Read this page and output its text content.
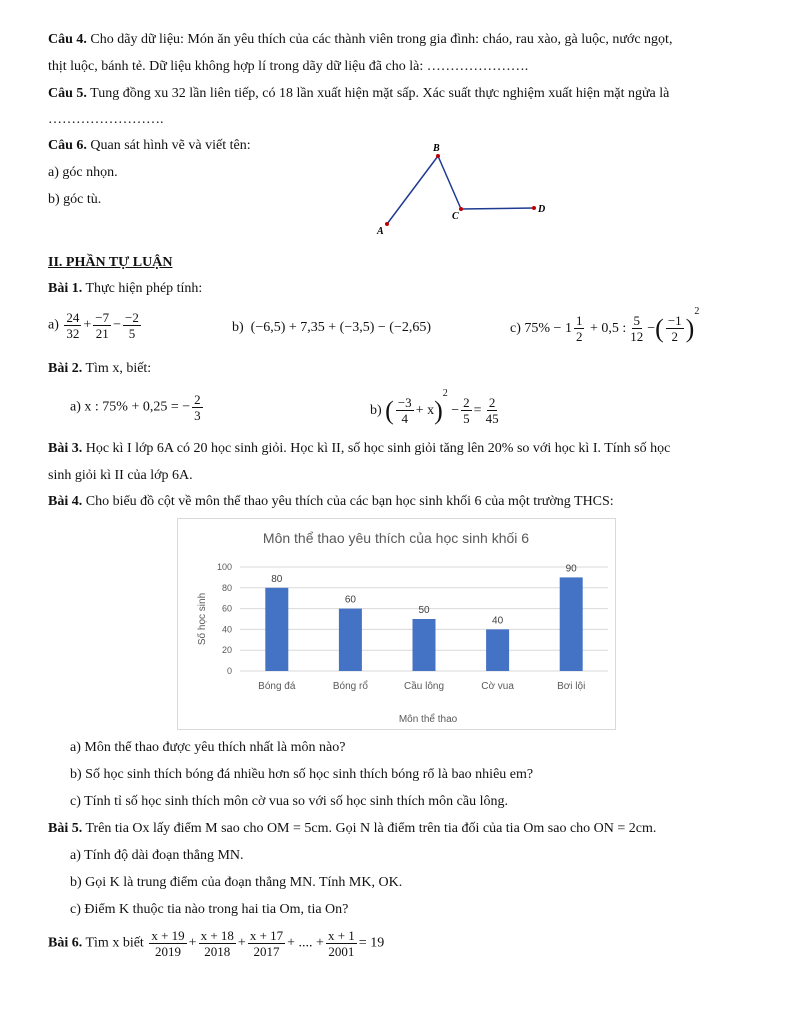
Câu 4. Cho dãy dữ liệu: Món ăn yêu thích của các thành viên trong gia đình: cháo, rau xào, gà luộc, nước ngọt,
thịt luộc, bánh tẻ. Dữ liệu không hợp lí trong dãy dữ liệu đã cho là: ………………….
Câu 5. Tung đồng xu 32 lần liên tiếp, có 18 lần xuất hiện mặt sấp. Xác suất thực nghiệm xuất hiện mặt ngửa là
…………………….
Câu 6. Quan sát hình vẽ và viết tên:
a) góc nhọn.
b) góc tù.
A
B
C
D
II. PHẦN TỰ LUẬN
Bài 1. Thực hiện phép tính:
$a) \frac{24}{32} + \frac{-7}{21} - \frac{-2}{5}$	b) (−6,5) + 7,35 + (−3,5) − (−2,65)	c) $75\% - 1 \frac{1}{2} + 0,5$ : $\frac{5}{12}$ −( $\frac{-1}{2} )^2$
Bài 2. Tìm x, biết:
a) x : 75% + 0,25 = − $\frac{2}{3}$	b) ( $\frac{-3}{4} + x)^2 - \frac{2}{5} = \frac{2}{45}$
Bài 3. Học kì I lớp 6A có 20 học sinh giỏi. Học kì II, số học sinh giỏi tăng lên 20% so với học kì I. Tính số học
sinh giỏi kì II của lớp 6A.
Bài 4. Cho biểu đồ cột về môn thể thao yêu thích của các bạn học sinh khối 6 của một trường THCS:
Môn thể thao yêu thích của học sinh khối 6
Số học sinh
Môn thể thao
0
20
40
60
80
100
80
Bóng đá
60
Bóng rổ
50
Cầu lông
40
Cờ vua
90
Bơi lội
a) Môn thể thao được yêu thích nhất là môn nào?
b) Số học sinh thích bóng đá nhiều hơn số học sinh thích bóng rổ là bao nhiêu em?
c) Tính tỉ số học sinh thích môn cờ vua so với số học sinh thích môn cầu lông.
Bài 5. Trên tia Ox lấy điểm M sao cho OM = 5cm. Gọi N là điểm trên tia đối của tia Om sao cho ON = 2cm.
a) Tính độ dài đoạn thẳng MN.
b) Gọi K là trung điểm của đoạn thẳng MN. Tính MK, OK.
c) Điểm K thuộc tia nào trong hai tia Om, tia On?
Bài 6. Tìm x biết $\frac{x + 19}{2019} + \frac{x + 18}{2018} + \frac{x + 17}{2017}$ + .... + $\frac{x + 1}{2001} = 19$
